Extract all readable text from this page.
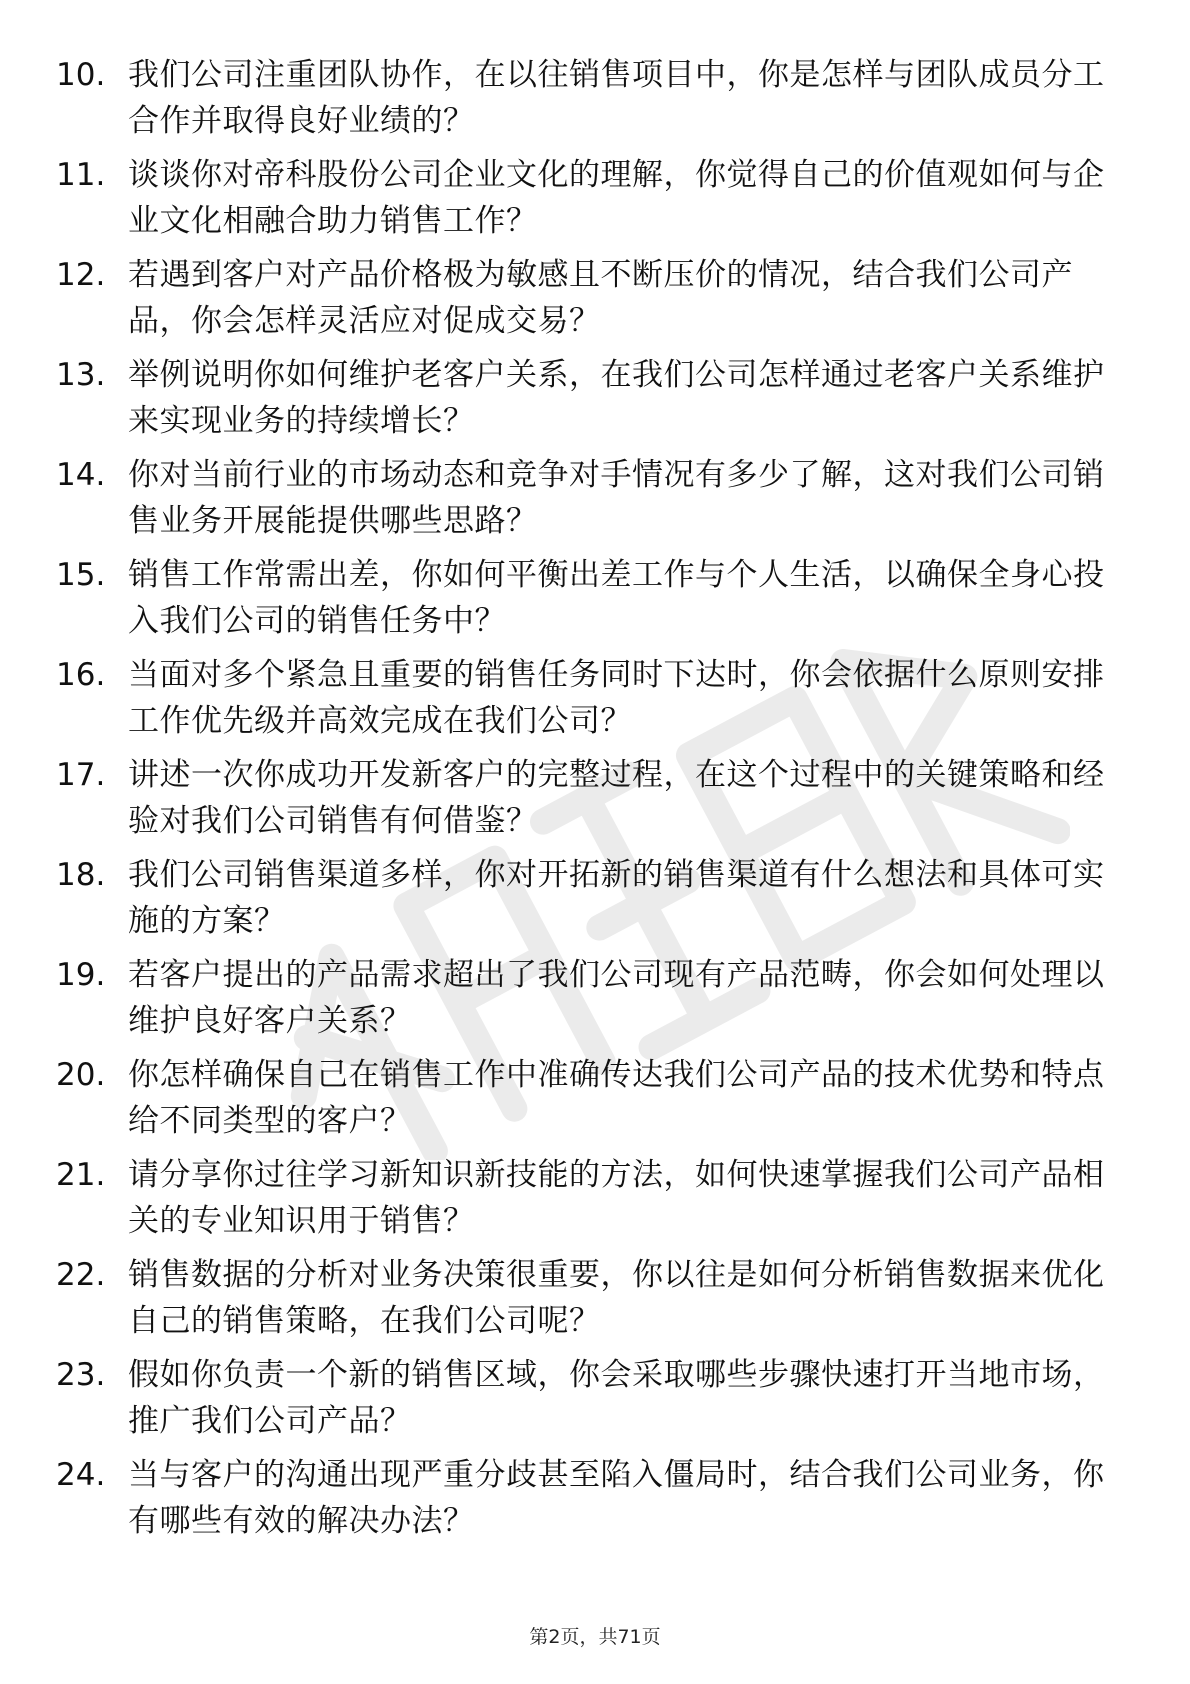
10. 我们公司注重团队协作，在以往销售项目中，你是怎样与团队成员分工合作并取得良好业绩的？
11. 谈谈你对帝科股份公司企业文化的理解，你觉得自己的价值观如何与企业文化相融合助力销售工作？
12. 若遇到客户对产品价格极为敏感且不断压价的情况，结合我们公司产品，你会怎样灵活应对促成交易？
13. 举例说明你如何维护老客户关系，在我们公司怎样通过老客户关系维护来实现业务的持续增长？
14. 你对当前行业的市场动态和竞争对手情况有多少了解，这对我们公司销售业务开展能提供哪些思路？
15. 销售工作常需出差，你如何平衡出差工作与个人生活，以确保全身心投入我们公司的销售任务中？
16. 当面对多个紧急且重要的销售任务同时下达时，你会依据什么原则安排工作优先级并高效完成在我们公司？
17. 讲述一次你成功开发新客户的完整过程，在这个过程中的关键策略和经验对我们公司销售有何借鉴？
18. 我们公司销售渠道多样，你对开拓新的销售渠道有什么想法和具体可实施的方案？
19. 若客户提出的产品需求超出了我们公司现有产品范畴，你会如何处理以维护良好客户关系？
20. 你怎样确保自己在销售工作中准确传达我们公司产品的技术优势和特点给不同类型的客户？
21. 请分享你过往学习新知识新技能的方法，如何快速掌握我们公司产品相关的专业知识用于销售？
22. 销售数据的分析对业务决策很重要，你以往是如何分析销售数据来优化自己的销售策略，在我们公司呢？
23. 假如你负责一个新的销售区域，你会采取哪些步骤快速打开当地市场，推广我们公司产品？
24. 当与客户的沟通出现严重分歧甚至陷入僵局时，结合我们公司业务，你有哪些有效的解决办法？
第2页，共71页
